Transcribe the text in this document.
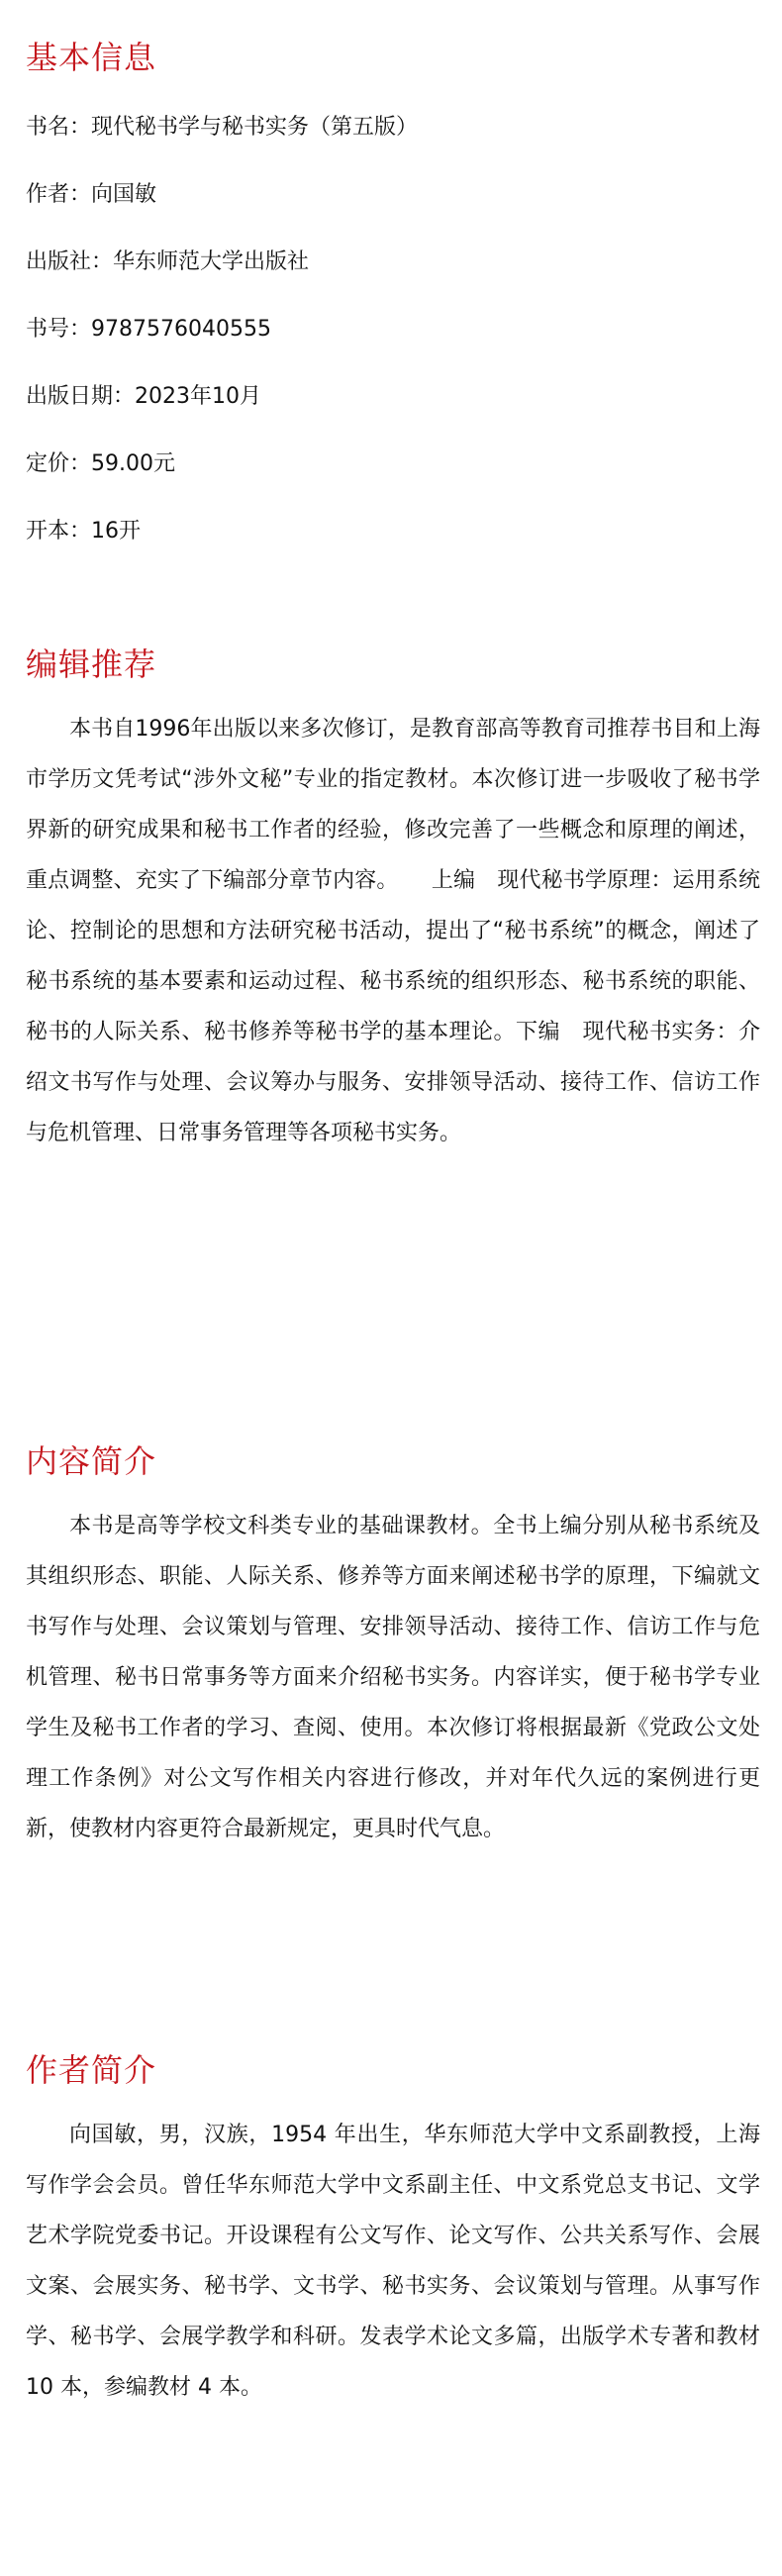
基本信息

书名：现代秘书学与秘书实务（第五版）

作者：向国敏

出版社：华东师范大学出版社

书号：9787576040555

出版日期：2023年10月

定价：59.00元

开本：16开

编辑推荐

本书自1996年出版以来多次修订，是教育部高等教育司推荐书目和上海市学历文凭考试“涉外文秘”专业的指定教材。本次修订进一步吸收了秘书学界新的研究成果和秘书工作者的经验，修改完善了一些概念和原理的阐述，重点调整、充实了下编部分章节内容。　　上编　现代秘书学原理：运用系统论、控制论的思想和方法研究秘书活动，提出了“秘书系统”的概念，阐述了秘书系统的基本要素和运动过程、秘书系统的组织形态、秘书系统的职能、秘书的人际关系、秘书修养等秘书学的基本理论。下编　现代秘书实务：介绍文书写作与处理、会议筹办与服务、安排领导活动、接待工作、信访工作与危机管理、日常事务管理等各项秘书实务。

内容简介

本书是高等学校文科类专业的基础课教材。全书上编分别从秘书系统及其组织形态、职能、人际关系、修养等方面来阐述秘书学的原理，下编就文书写作与处理、会议策划与管理、安排领导活动、接待工作、信访工作与危机管理、秘书日常事务等方面来介绍秘书实务。内容详实，便于秘书学专业学生及秘书工作者的学习、查阅、使用。本次修订将根据最新《党政公文处理工作条例》对公文写作相关内容进行修改，并对年代久远的案例进行更新，使教材内容更符合最新规定，更具时代气息。

作者简介

向国敏，男，汉族，1954 年出生，华东师范大学中文系副教授，上海写作学会会员。曾任华东师范大学中文系副主任、中文系党总支书记、文学艺术学院党委书记。开设课程有公文写作、论文写作、公共关系写作、会展文案、会展实务、秘书学、文书学、秘书实务、会议策划与管理。从事写作学、秘书学、会展学教学和科研。发表学术论文多篇，出版学术专著和教材 10 本，参编教材 4 本。
